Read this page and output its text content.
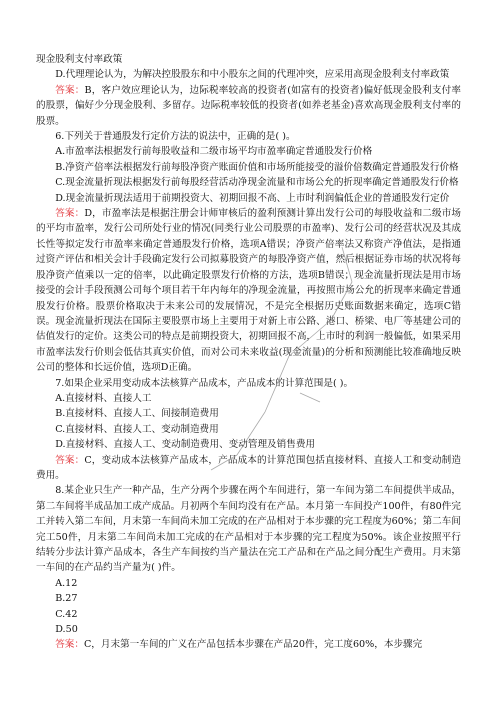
现金股利支付率政策

D.代理理论认为，为解决控股股东和中小股东之间的代理冲突，应采用高现金股利支付率政策

答案：B，客户效应理论认为，边际税率较高的投资者(如富有的投资者)偏好低现金股利支付率的股票，偏好少分现金股利、多留存。边际税率较低的投资者(如养老基金)喜欢高现金股利支付率的股票。

6.下列关于普通股发行定价方法的说法中，正确的是( )。

A.市盈率法根据发行前每股收益和二级市场平均市盈率确定普通股发行价格

B.净资产倍率法根据发行前每股净资产账面价值和市场所能接受的溢价倍数确定普通股发行价格

C.现金流量折现法根据发行前每股经营活动净现金流量和市场公允的折现率确定普通股发行价格

D.现金流量折现法适用于前期投资大、初期回报不高、上市时利润偏低企业的普通股发行定价

答案：D，市盈率法是根据注册会计师审核后的盈利预测计算出发行公司的每股收益和二级市场的平均市盈率，发行公司所处行业的情况(同类行业公司股票的市盈率)、发行公司的经营状况及其成长性等拟定发行市盈率来确定普通股发行价格，选项A错误；净资产倍率法又称资产净值法，是指通过资产评估和相关会计手段确定发行公司拟募股资产的每股净资产值，然后根据证券市场的状况将每股净资产值乘以一定的倍率，以此确定股票发行价格的方法，选项B错误；现金流量折现法是用市场接受的会计手段预测公司每个项目若干年内每年的净现金流量，再按照市场公允的折现率来确定普通股发行价格。股票价格取决于未来公司的发展情况，不是完全根据历史账面数据来确定，选项C错误。现金流量折现法在国际主要股票市场上主要用于对新上市公路、港口、桥梁、电厂等基建公司的估值发行的定价。这类公司的特点是前期投资大，初期回报不高，上市时的利润一般偏低，如果采用市盈率法发行价则会低估其真实价值，而对公司未来收益(现金流量)的分析和预测能比较准确地反映公司的整体和长远价值，选项D正确。

7.如果企业采用变动成本法核算产品成本，产品成本的计算范围是( )。

A.直接材料、直接人工

B.直接材料、直接人工、间接制造费用

C.直接材料、直接人工、变动制造费用

D.直接材料、直接人工、变动制造费用、变动管理及销售费用

答案：C，变动成本法核算产品成本，产品成本的计算范围包括直接材料、直接人工和变动制造费用。

8.某企业只生产一种产品，生产分两个步骤在两个车间进行，第一车间为第二车间提供半成品，第二车间将半成品加工成产成品。月初两个车间均没有在产品。本月第一车间投产100件，有80件完工并转入第二车间，月末第一车间尚未加工完成的在产品相对于本步骤的完工程度为60%；第二车间完工50件，月末第二车间尚未加工完成的在产品相对于本步骤的完工程度为50%。该企业按照平行结转分步法计算产品成本，各生产车间按约当产量法在完工产品和在产品之间分配生产费用。月末第一车间的在产品约当产量为( )件。

A.12

B.27

C.42

D.50

答案：C，月末第一车间的广义在产品包括本步骤在产品20件，完工度60%，本步骤完
